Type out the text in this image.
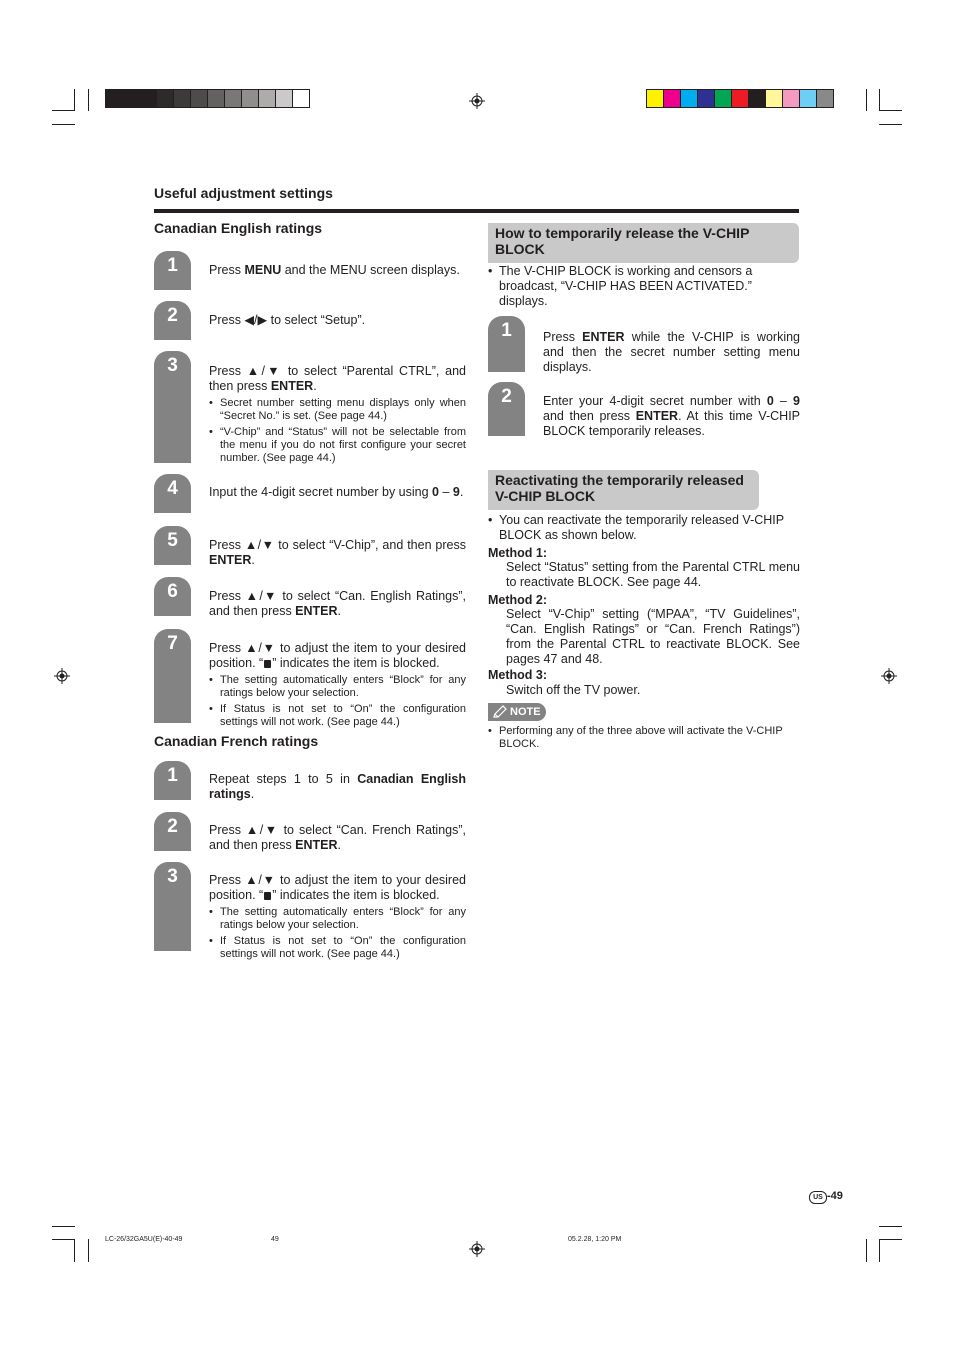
Useful adjustment settings
Canadian English ratings
1	Press MENU and the MENU screen displays.
2	Press ◀/▶ to select “Setup”.
3	Press ▲/▼ to select “Parental CTRL”, and then press ENTER.
• Secret number setting menu displays only when “Secret No.” is set. (See page 44.)
• “V-Chip” and “Status” will not be selectable from the menu if you do not first configure your secret number. (See page 44.)
4	Input the 4-digit secret number by using 0 – 9.
5	Press ▲/▼ to select “V-Chip”, and then press ENTER.
6	Press ▲/▼ to select “Can. English Ratings”, and then press ENTER.
7	Press ▲/▼ to adjust the item to your desired position. “ ” indicates the item is blocked.
• The setting automatically enters “Block” for any ratings below your selection.
• If Status is not set to “On” the configuration settings will not work. (See page 44.)
Canadian French ratings
1	Repeat steps 1 to 5 in Canadian English ratings.
2	Press ▲/▼ to select “Can. French Ratings”, and then press ENTER.
3	Press ▲/▼ to adjust the item to your desired position. “ ” indicates the item is blocked.
• The setting automatically enters “Block” for any ratings below your selection.
• If Status is not set to “On” the configuration settings will not work. (See page 44.)
How to temporarily release the V-CHIP BLOCK
• The V-CHIP BLOCK is working and censors a broadcast, “V-CHIP HAS BEEN ACTIVATED.” displays.
1	Press ENTER while the V-CHIP is working and then the secret number setting menu displays.
2	Enter your 4-digit secret number with 0 – 9 and then press ENTER. At this time V-CHIP BLOCK temporarily releases.
Reactivating the temporarily released V-CHIP BLOCK
• You can reactivate the temporarily released V-CHIP BLOCK as shown below.
Method 1:
Select “Status” setting from the Parental CTRL menu to reactivate BLOCK. See page 44.
Method 2:
Select “V-Chip” setting (“MPAA”, “TV Guidelines”, “Can. English Ratings” or “Can. French Ratings”) from the Parental CTRL to reactivate BLOCK. See pages 47 and 48.
Method 3:
Switch off the TV power.
NOTE
• Performing any of the three above will activate the V-CHIP BLOCK.
US -49
LC-26/32GA5U(E)-40-49	49	05.2.28, 1:20 PM
